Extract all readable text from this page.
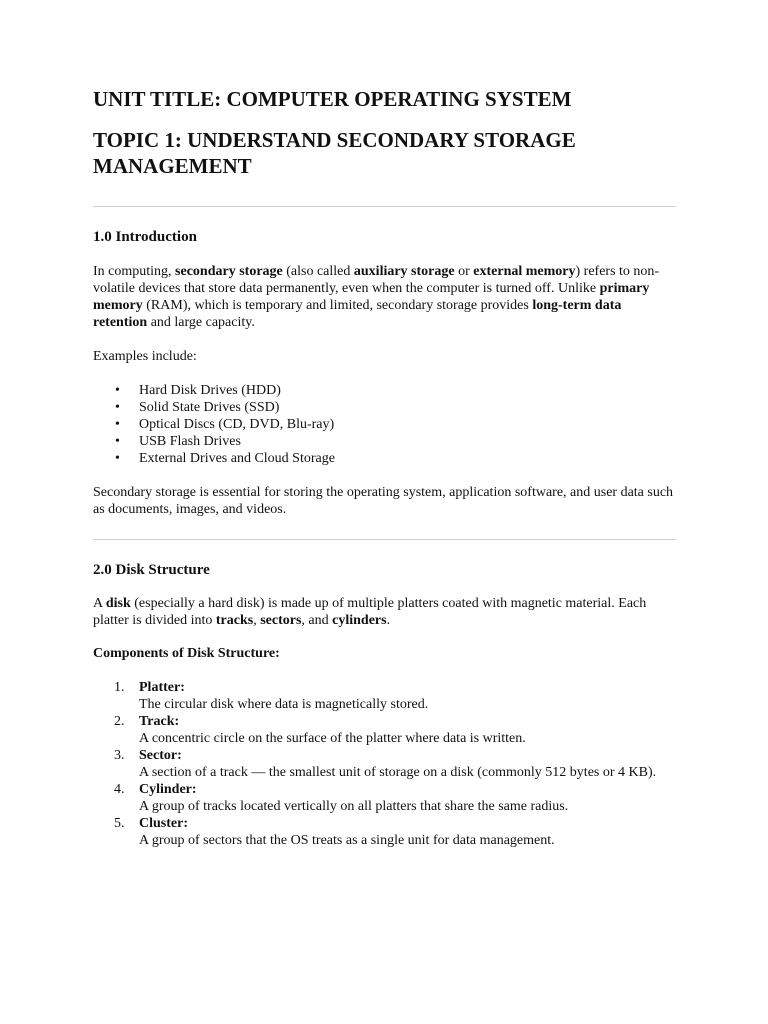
UNIT TITLE: COMPUTER OPERATING SYSTEM
TOPIC 1: UNDERSTAND SECONDARY STORAGE MANAGEMENT
1.0 Introduction

In computing, secondary storage (also called auxiliary storage or external memory) refers to non-volatile devices that store data permanently, even when the computer is turned off. Unlike primary memory (RAM), which is temporary and limited, secondary storage provides long-term data retention and large capacity.

Examples include:

• Hard Disk Drives (HDD)
• Solid State Drives (SSD)
• Optical Discs (CD, DVD, Blu-ray)
• USB Flash Drives
• External Drives and Cloud Storage

Secondary storage is essential for storing the operating system, application software, and user data such as documents, images, and videos.

2.0 Disk Structure

A disk (especially a hard disk) is made up of multiple platters coated with magnetic material. Each platter is divided into tracks, sectors, and cylinders.

Components of Disk Structure:

1. Platter:
The circular disk where data is magnetically stored.
2. Track:
A concentric circle on the surface of the platter where data is written.
3. Sector:
A section of a track — the smallest unit of storage on a disk (commonly 512 bytes or 4 KB).
4. Cylinder:
A group of tracks located vertically on all platters that share the same radius.
5. Cluster:
A group of sectors that the OS treats as a single unit for data management.
